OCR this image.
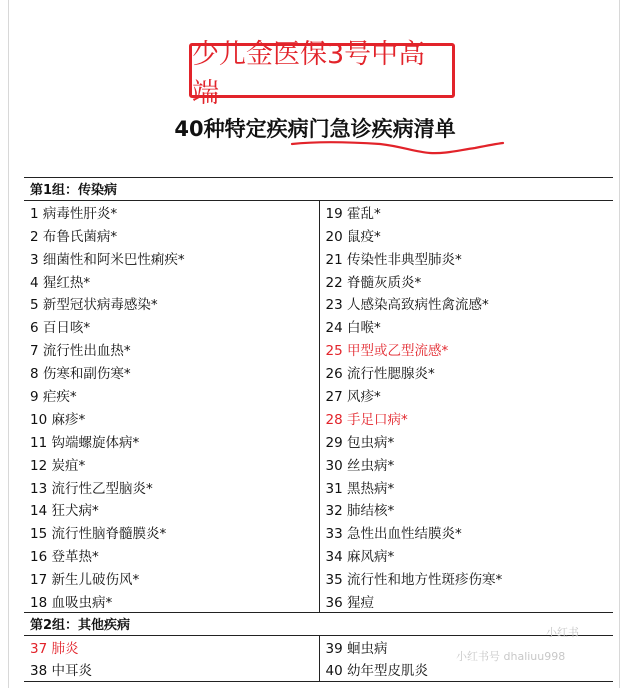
少儿金医保3号中高端
40种特定疾病门急诊疾病清单
第1组：传染病	
1 病毒性肝炎*	19 霍乱*
2 布鲁氏菌病*	20 鼠疫*
3 细菌性和阿米巴性痢疾*	21 传染性非典型肺炎*
4 猩红热*	22 脊髓灰质炎*
5 新型冠状病毒感染*	23 人感染高致病性禽流感*
6 百日咳*	24 白喉*
7 流行性出血热*	25 甲型或乙型流感*
8 伤寒和副伤寒*	26 流行性腮腺炎*
9 疟疾*	27 风疹*
10 麻疹*	28 手足口病*
11 钩端螺旋体病*	29 包虫病*
12 炭疽*	30 丝虫病*
13 流行性乙型脑炎*	31 黑热病*
14 狂犬病*	32 肺结核*
15 流行性脑脊髓膜炎*	33 急性出血性结膜炎*
16 登革热*	34 麻风病*
17 新生儿破伤风*	35 流行性和地方性斑疹伤寒*
18 血吸虫病*	36 猩痘
第2组：其他疾病	
37 肺炎	39 蛔虫病
38 中耳炎	40 幼年型皮肌炎
小红书
小红书号 dhaliuu998
